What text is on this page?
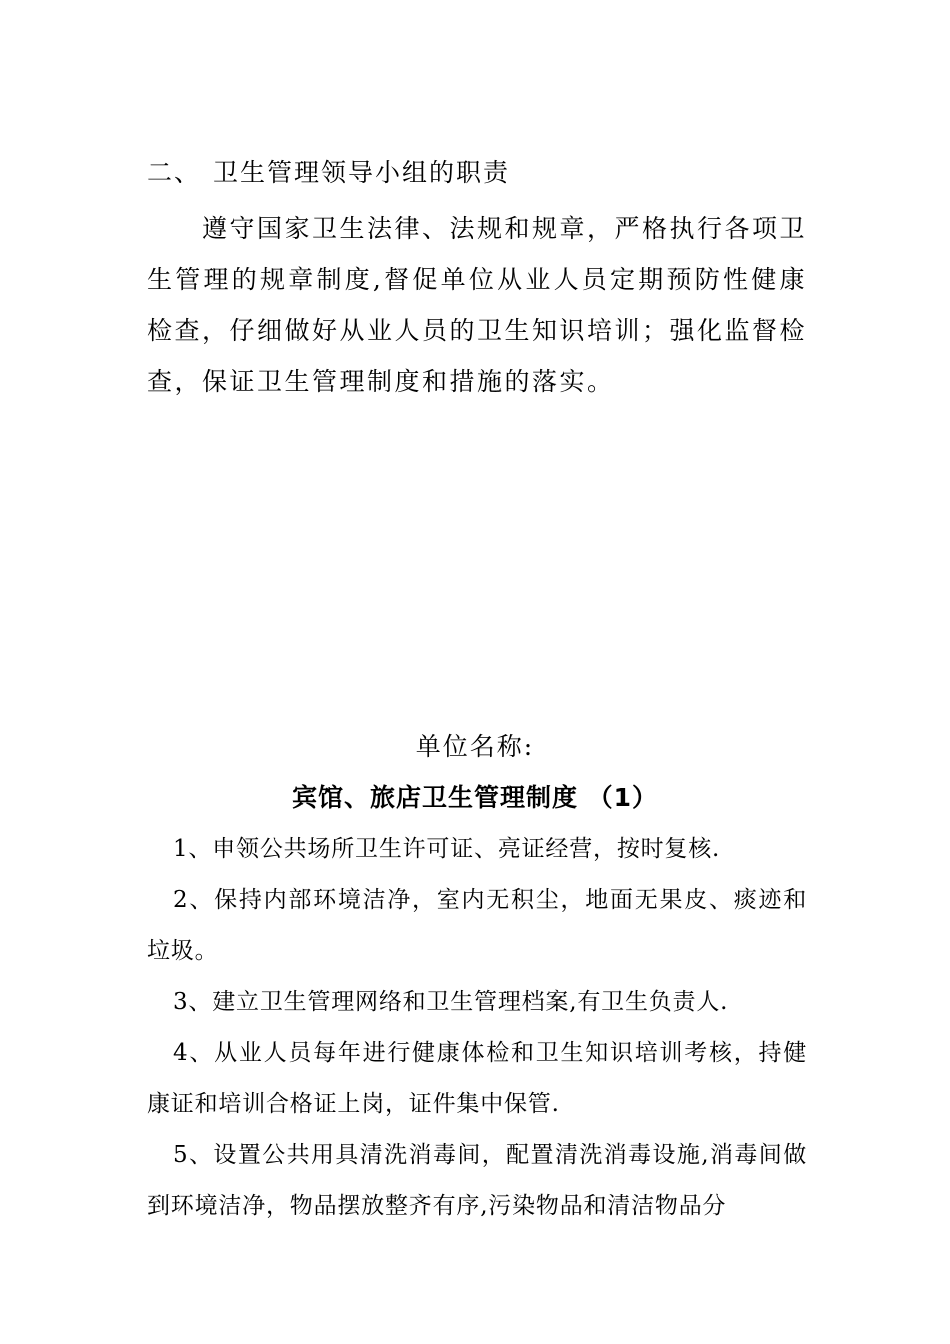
二、 卫生管理领导小组的职责
遵守国家卫生法律、法规和规章，严格执行各项卫生管理的规章制度,督促单位从业人员定期预防性健康检查，仔细做好从业人员的卫生知识培训；强化监督检查，保证卫生管理制度和措施的落实。
单位名称:
宾馆、旅店卫生管理制度 （1）

1、申领公共场所卫生许可证、亮证经营，按时复核.

2、保持内部环境洁净，室内无积尘，地面无果皮、痰迹和垃圾。

3、建立卫生管理网络和卫生管理档案,有卫生负责人.

4、从业人员每年进行健康体检和卫生知识培训考核，持健康证和培训合格证上岗，证件集中保管.

5、设置公共用具清洗消毒间，配置清洗消毒设施,消毒间做到环境洁净，物品摆放整齐有序,污染物品和清洁物品分
